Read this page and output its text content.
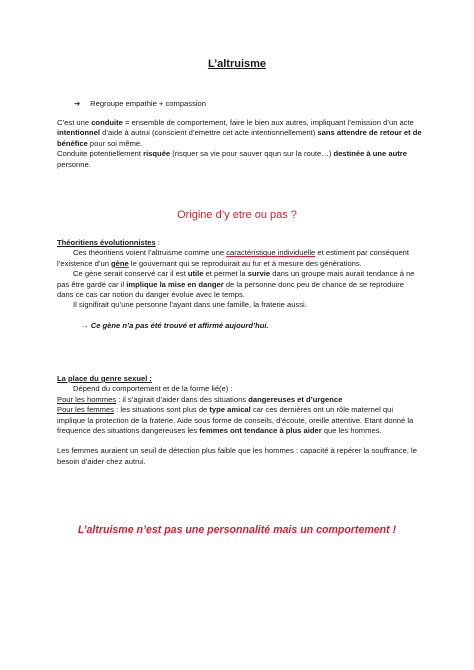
L’altruisme
➔ Regroupe empathie + compassion

C’est une conduite = ensemble de comportement, faire le bien aux autres, impliquant l’emission d’un acte intentionnel d’aide à autrui (conscient d’emettre cet acte intentionnellement) sans attendre de retour et de bénéfice pour soi même.

Conduite potentiellement risquée (risquer sa vie pour sauver qqun sur la route…) destinée à une autre personne.

Origine d’y etre ou pas ?

Théoritiens évolutionnistes :

Ces théoritiens voient l’altruisme comme une caractéristique individuelle et estiment par conséquent l’existence d’un gène le gouvernant qui se reproduirait au fur et à mesure des générations.

Ce gène serait conservé car il est utile et permet la survie dans un groupe mais aurait tendance à ne pas être gardé car il implique la mise en danger de la personne donc peu de chance de se reproduire dans ce cas car notion du danger évolue avec le temps.

Il signifirait qu’une personne l’ayant dans une famille, la fraterie aussi.

→ Ce gène n’a pas été trouvé et affirmé aujourd’hui.

La place du genre sexuel :

Dépend du comportement et de la forme lié(e) :

Pour les hommes : il s’agirait d’aider dans des situations dangereuses et d’urgence

Pour les femmes : les situations sont plus de type amical car ces dernières ont un rôle maternel qui implique la protection de la fraterie. Aide sous forme de conseils, d’écoute, oreille attentive. Etant donné la frequence des situations dangereuses les femmes ont tendance à plus aider que les hommes.

Les femmes auraient un seuil de détection plus faible que les hommes : capacité à repérer la souffrance, le besoin d’aider chez autrui.

L’altruisme n’est pas une personnalité mais un comportement !
